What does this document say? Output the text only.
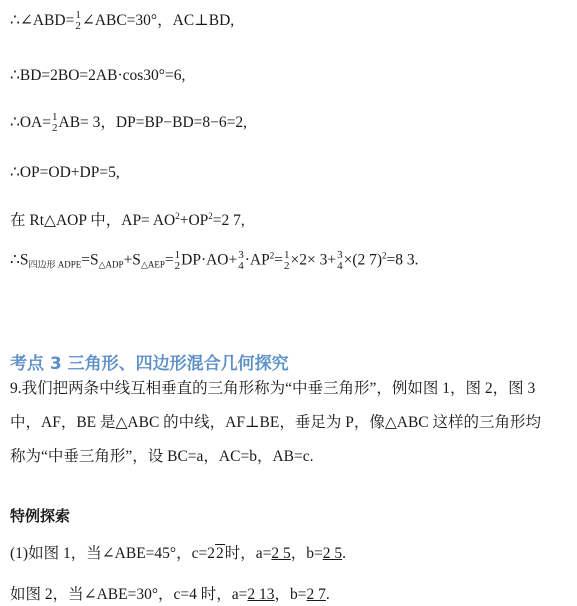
∴∠ABD= 1
2 ∠ABC=30°，AC⊥BD,
∴BD=2BO=2AB·cos30°=6,
∴OA= 1
2 AB= 3，DP=BP−BD=8−6=2,
∴OP=OD+DP=5,
在 Rt△AOP 中，$AP= AO^2+OP^2=2$ 7,
$\therefore S_{四边形 ADPE}=S_{\triangle ADP}+S_{\triangle AEP}= 1$
2 DP·AO+ 3
$4 \cdot AP^2= 1$
2 ×2× 3+ 3
4 ×(2 7)$^2$=8 3.
考点 3 三角形、四边形混合几何探究
9.我们把两条中线互相垂直的三角形称为“中垂三角形”，例如图 1，图 2，图 3
中，AF，BE 是△ABC 的中线，AF⊥BE，垂足为 P，像△ABC 这样的三角形均
称为“中垂三角形”，设 BC=a，AC=b，AB=c.
特例探索
(1)如图 1，当∠ABE=45°，c=22时，a=2 5，b=2 5.
如图 2，当∠ABE=30°，c=4 时，a=2 13，b=2 7.
